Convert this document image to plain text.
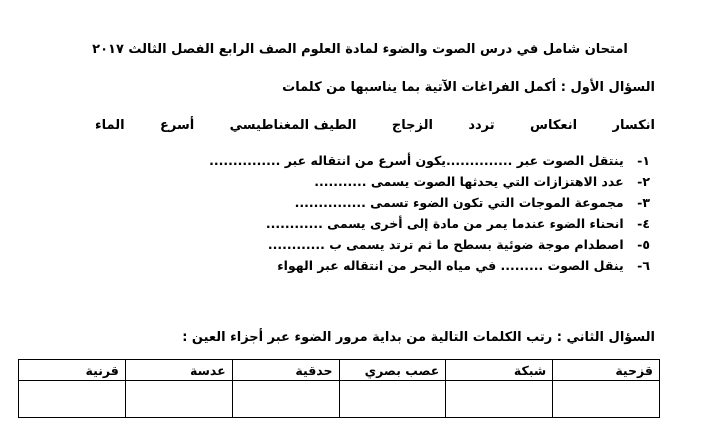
امتحان شامل في درس الصوت والضوء لمادة العلوم الصف الرابع الفصل الثالث ٢٠١٧
السؤال الأول : أكمل الفراغات الآتية بما يناسبها من كلمات
انكسار
انعكاس
تردد
الزجاج
الطيف المغناطيسي
أسرع
الماء
١- ينتقل الصوت عبر ..............يكون أسرع من انتقاله عبر ...............
٢- عدد الاهتزازات التي يحدثها الصوت يسمى ...........
٣- مجموعة الموجات التي تكون الضوء تسمى ...............
٤- انحناء الضوء عندما يمر من مادة إلى أخرى يسمى ............
٥- اصطدام موجة ضوئية بسطح ما ثم ترتد يسمى ب ............
٦- ينقل الصوت ......... في مياه البحر من انتقاله عبر الهواء
السؤال الثاني : رتب الكلمات التالية من بداية مرور الضوء عبر أجزاء العين :
قزحية	شبكة	عصب بصري	حدقية	عدسة	قرنية
